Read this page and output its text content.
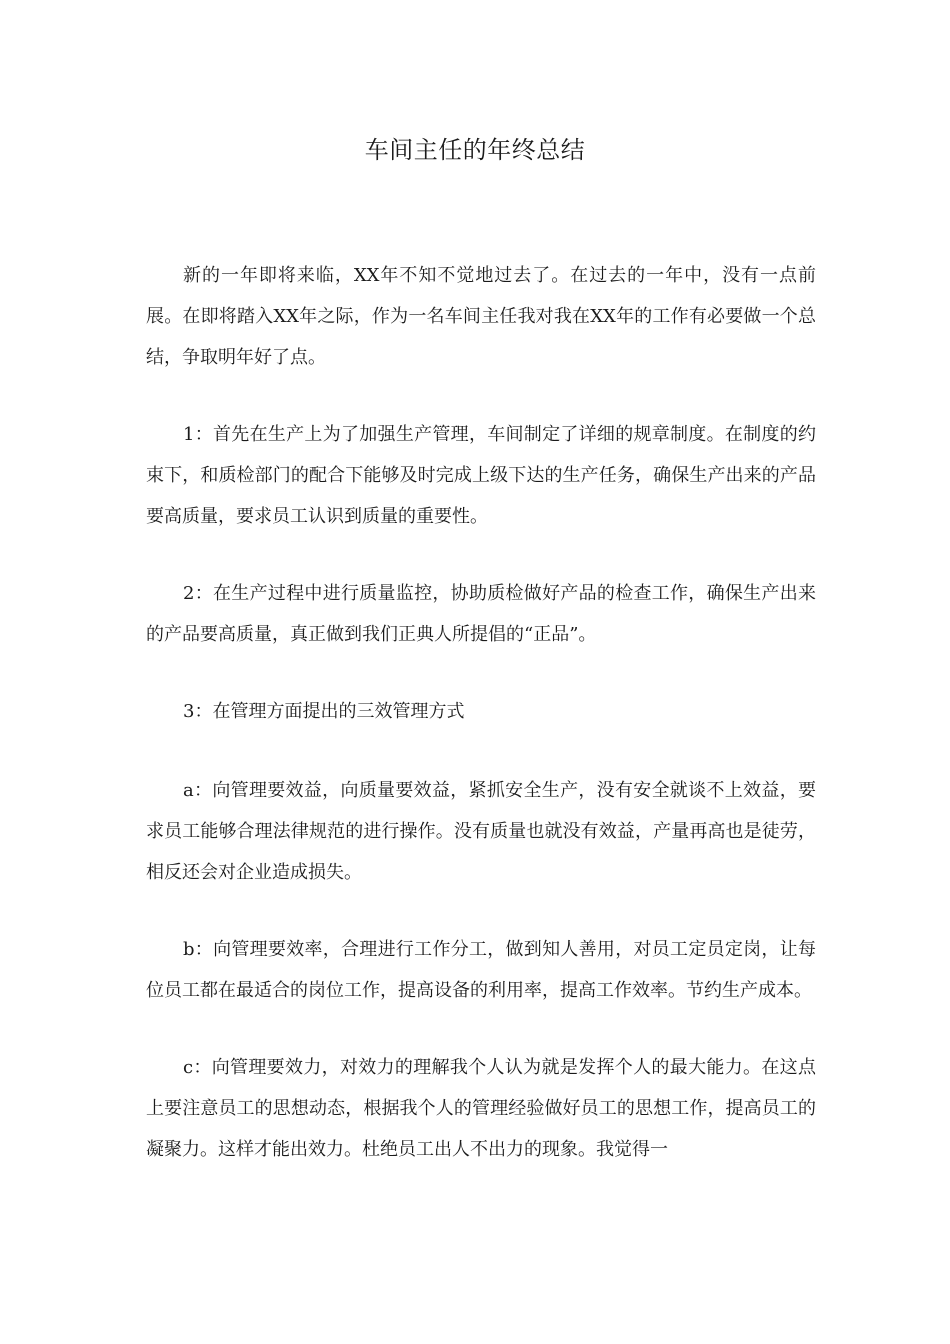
车间主任的年终总结

新的一年即将来临，XX年不知不觉地过去了。在过去的一年中，没有一点前展。在即将踏入XX年之际，作为一名车间主任我对我在XX年的工作有必要做一个总结，争取明年好了点。

1：首先在生产上为了加强生产管理，车间制定了详细的规章制度。在制度的约束下，和质检部门的配合下能够及时完成上级下达的生产任务，确保生产出来的产品要高质量，要求员工认识到质量的重要性。

2：在生产过程中进行质量监控，协助质检做好产品的检查工作，确保生产出来的产品要高质量，真正做到我们正典人所提倡的“正品”。

3：在管理方面提出的三效管理方式

a：向管理要效益，向质量要效益，紧抓安全生产，没有安全就谈不上效益，要求员工能够合理法律规范的进行操作。没有质量也就没有效益，产量再高也是徒劳，相反还会对企业造成损失。

b：向管理要效率，合理进行工作分工，做到知人善用，对员工定员定岗，让每位员工都在最适合的岗位工作，提高设备的利用率，提高工作效率。节约生产成本。

c：向管理要效力，对效力的理解我个人认为就是发挥个人的最大能力。在这点上要注意员工的思想动态，根据我个人的管理经验做好员工的思想工作，提高员工的凝聚力。这样才能出效力。杜绝员工出人不出力的现象。我觉得一
